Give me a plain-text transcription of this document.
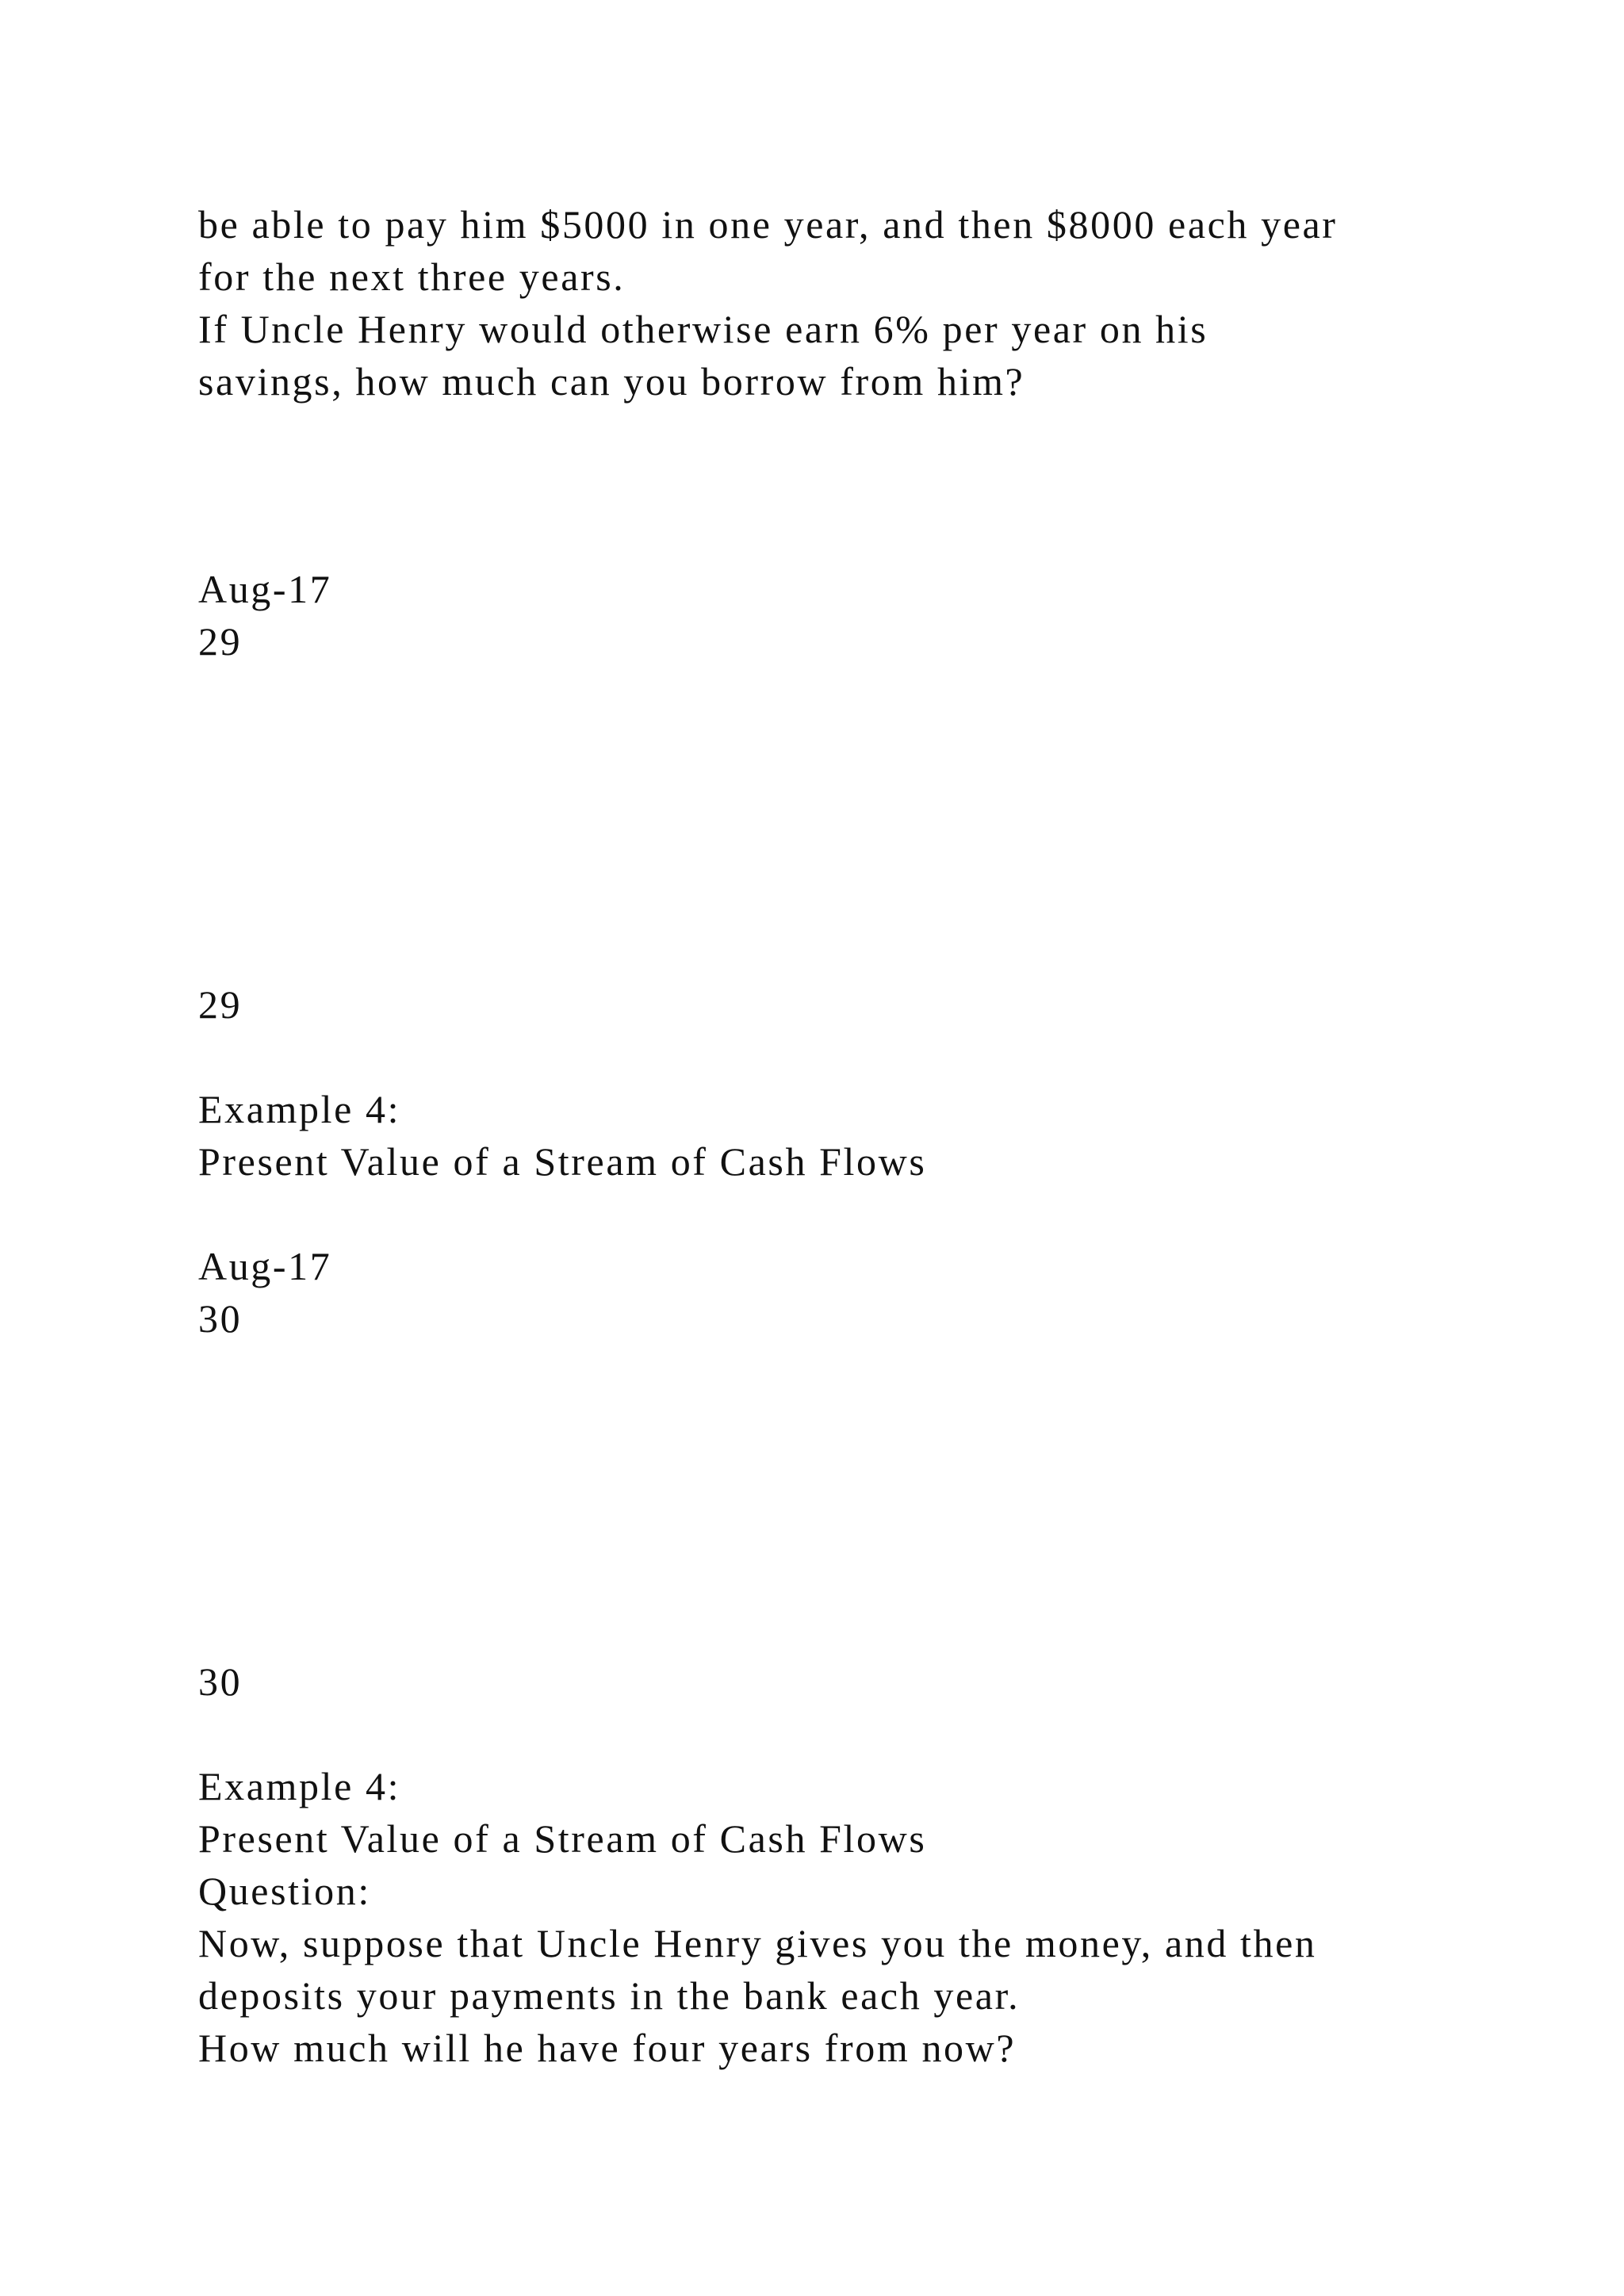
be able to pay him $5000 in one year, and then $8000 each year

for the next three years.

If Uncle Henry would otherwise earn 6% per year on his

savings, how much can you borrow from him?

Aug-17

29

29

Example 4:

Present Value of a Stream of Cash Flows

Aug-17

30

30

Example 4:

Present Value of a Stream of Cash Flows

Question:

Now, suppose that Uncle Henry gives you the money, and then

deposits your payments in the bank each year.

How much will he have four years from now?
